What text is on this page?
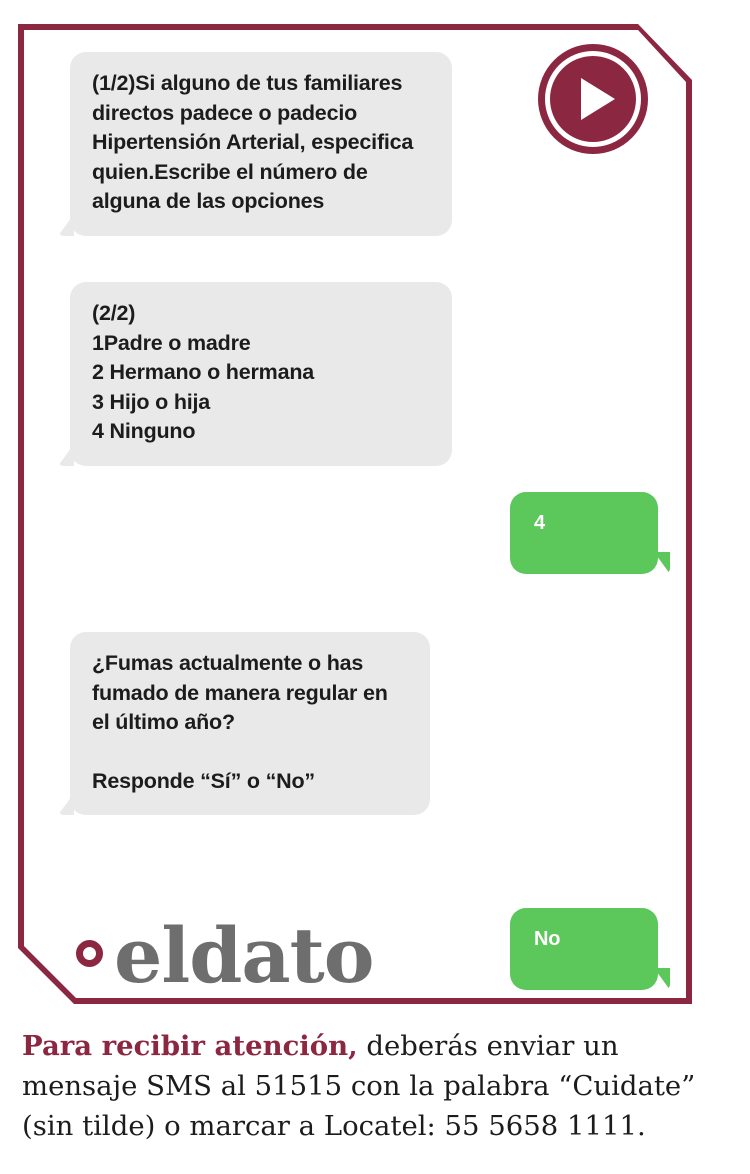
(1/2)Si alguno de tus familiares
directos padece o padecio
Hipertensión Arterial, especifica
quien.Escribe el número de
alguna de las opciones

(2/2)
1Padre o madre
2 Hermano o hermana
3 Hijo o hija
4 Ninguno

4

¿Fumas actualmente o has
fumado de manera regular en
el último año?

Responde “Sí” o “No”

No
eldato
Para recibir atención, deberás enviar un mensaje SMS al 51515 con la palabra “Cuidate” (sin tilde) o marcar a Locatel: 55 5658 1111.
